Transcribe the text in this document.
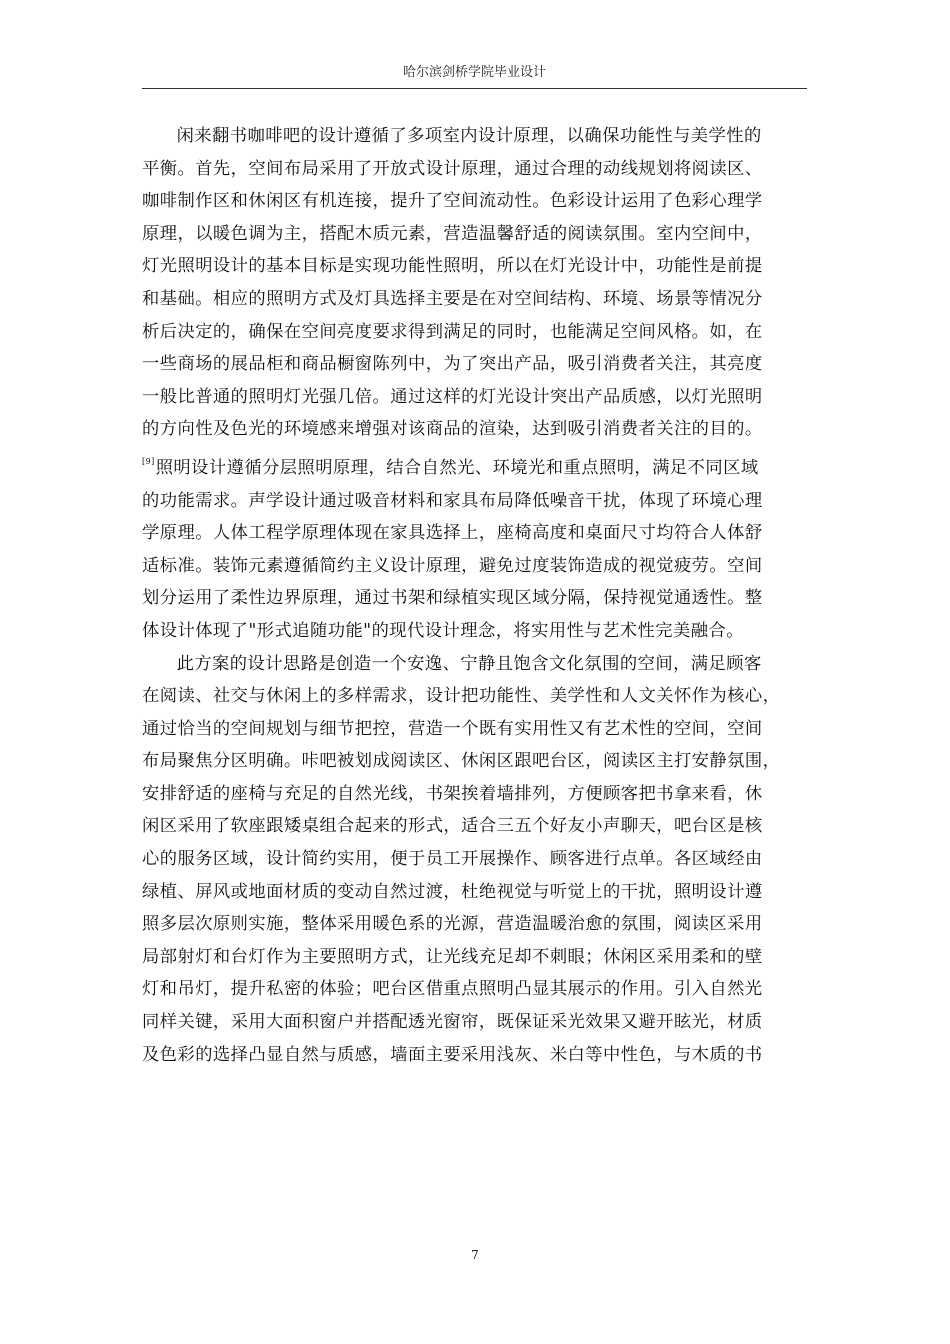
哈尔滨剑桥学院毕业设计
闲来翻书咖啡吧的设计遵循了多项室内设计原理，以确保功能性与美学性的
平衡。首先，空间布局采用了开放式设计原理，通过合理的动线规划将阅读区、
咖啡制作区和休闲区有机连接，提升了空间流动性。色彩设计运用了色彩心理学
原理，以暖色调为主，搭配木质元素，营造温馨舒适的阅读氛围。室内空间中，
灯光照明设计的基本目标是实现功能性照明，所以在灯光设计中，功能性是前提
和基础。相应的照明方式及灯具选择主要是在对空间结构、环境、场景等情况分
析后决定的，确保在空间亮度要求得到满足的同时，也能满足空间风格。如，在
一些商场的展品柜和商品橱窗陈列中，为了突出产品，吸引消费者关注，其亮度
一般比普通的照明灯光强几倍。通过这样的灯光设计突出产品质感，以灯光照明
的方向性及色光的环境感来增强对该商品的渲染，达到吸引消费者关注的目的。
[9]照明设计遵循分层照明原理，结合自然光、环境光和重点照明，满足不同区域
的功能需求。声学设计通过吸音材料和家具布局降低噪音干扰，体现了环境心理
学原理。人体工程学原理体现在家具选择上，座椅高度和桌面尺寸均符合人体舒
适标准。装饰元素遵循简约主义设计原理，避免过度装饰造成的视觉疲劳。空间
划分运用了柔性边界原理，通过书架和绿植实现区域分隔，保持视觉通透性。整
体设计体现了"形式追随功能"的现代设计理念，将实用性与艺术性完美融合。
此方案的设计思路是创造一个安逸、宁静且饱含文化氛围的空间，满足顾客
在阅读、社交与休闲上的多样需求，设计把功能性、美学性和人文关怀作为核心，
通过恰当的空间规划与细节把控，营造一个既有实用性又有艺术性的空间，空间
布局聚焦分区明确。咔吧被划成阅读区、休闲区跟吧台区，阅读区主打安静氛围，
安排舒适的座椅与充足的自然光线，书架挨着墙排列，方便顾客把书拿来看，休
闲区采用了软座跟矮桌组合起来的形式，适合三五个好友小声聊天，吧台区是核
心的服务区域，设计简约实用，便于员工开展操作、顾客进行点单。各区域经由
绿植、屏风或地面材质的变动自然过渡，杜绝视觉与听觉上的干扰，照明设计遵
照多层次原则实施，整体采用暖色系的光源，营造温暖治愈的氛围，阅读区采用
局部射灯和台灯作为主要照明方式，让光线充足却不刺眼；休闲区采用柔和的壁
灯和吊灯，提升私密的体验；吧台区借重点照明凸显其展示的作用。引入自然光
同样关键，采用大面积窗户并搭配透光窗帘，既保证采光效果又避开眩光，材质
及色彩的选择凸显自然与质感，墙面主要采用浅灰、米白等中性色，与木质的书
7
